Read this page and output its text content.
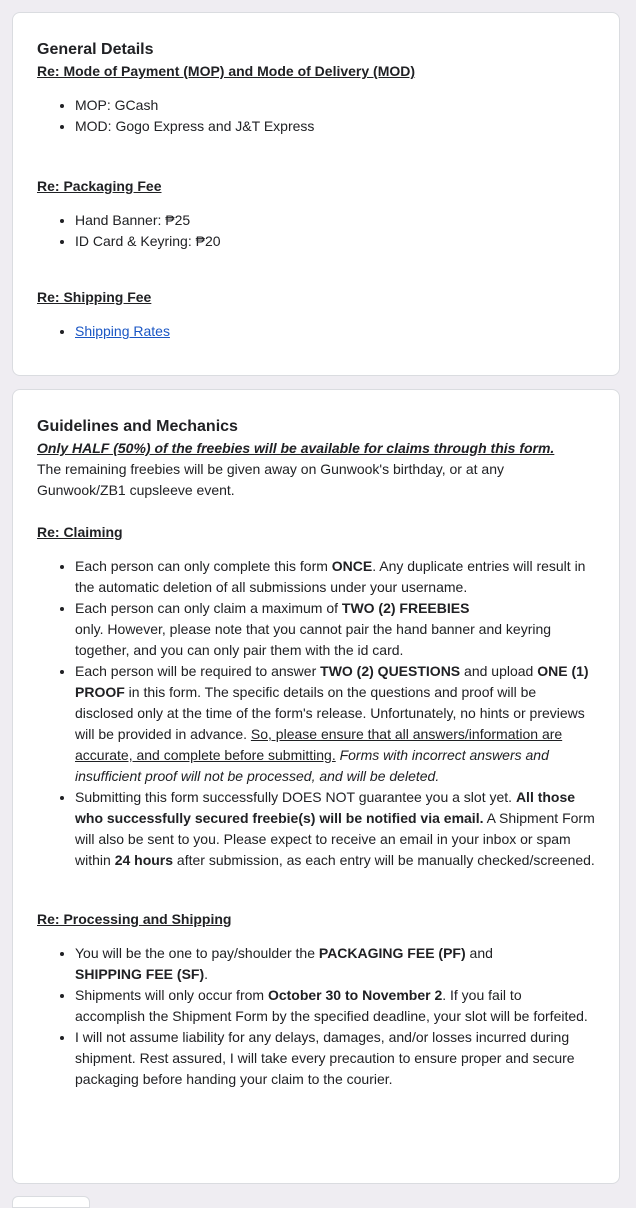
General Details
Re: Mode of Payment (MOP) and Mode of Delivery (MOD)
• MOP: GCash
• MOD: Gogo Express and J&T Express
Re: Packaging Fee
• Hand Banner: ₱25
• ID Card & Keyring: ₱20
Re: Shipping Fee
• Shipping Rates
Guidelines and Mechanics

Only HALF (50%) of the freebies will be available for claims through this form.

The remaining freebies will be given away on Gunwook's birthday, or at any Gunwook/ZB1 cupsleeve event.

Re: Claiming
• Each person can only complete this form ONCE. Any duplicate entries will result in the automatic deletion of all submissions under your username.
• Each person can only claim a maximum of TWO (2) FREEBIES
only. However, please note that you cannot pair the hand banner and keyring together, and you can only pair them with the id card.
• Each person will be required to answer TWO (2) QUESTIONS and upload ONE (1) PROOF in this form. The specific details on the questions and proof will be disclosed only at the time of the form's release. Unfortunately, no hints or previews will be provided in advance. So, please ensure that all answers/information are accurate, and complete before submitting. Forms with incorrect answers and insufficient proof will not be processed, and will be deleted.
• Submitting this form successfully DOES NOT guarantee you a slot yet. All those who successfully secured freebie(s) will be notified via email. A Shipment Form will also be sent to you. Please expect to receive an email in your inbox or spam within 24 hours after submission, as each entry will be manually checked/screened.
Re: Processing and Shipping
• You will be the one to pay/shoulder the PACKAGING FEE (PF) and
SHIPPING FEE (SF).
• Shipments will only occur from October 30 to November 2. If you fail to accomplish the Shipment Form by the specified deadline, your slot will be forfeited.
• I will not assume liability for any delays, damages, and/or losses incurred during shipment. Rest assured, I will take every precaution to ensure proper and secure packaging before handing your claim to the courier.
